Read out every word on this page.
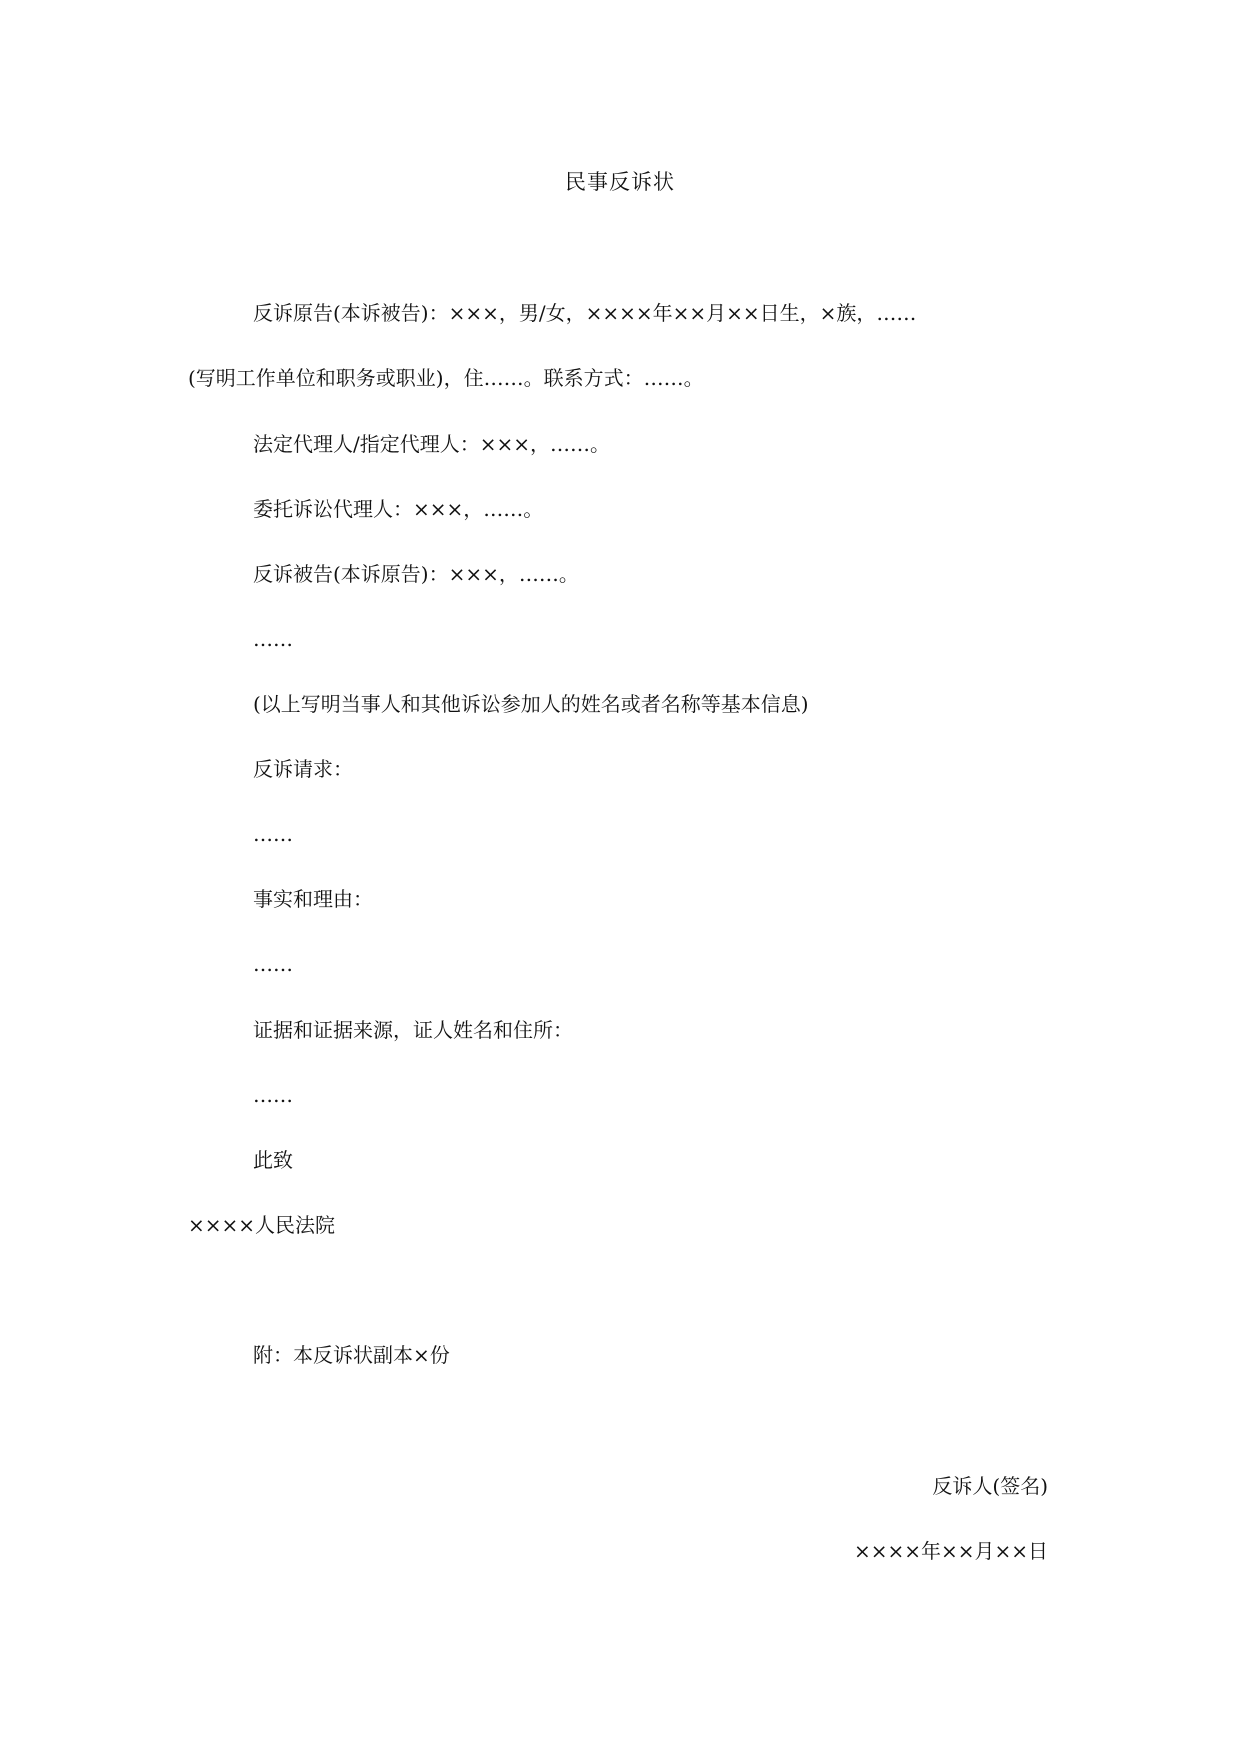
民事反诉状
反诉原告(本诉被告)：×××，男/女，××××年××月××日生，×族，……
(写明工作单位和职务或职业)，住……。联系方式：……。
法定代理人/指定代理人：×××，……。
委托诉讼代理人：×××，……。
反诉被告(本诉原告)：×××，……。
……
(以上写明当事人和其他诉讼参加人的姓名或者名称等基本信息)
反诉请求：
……
事实和理由：
……
证据和证据来源，证人姓名和住所：
……
此致
××××人民法院
附：本反诉状副本×份
反诉人(签名)
××××年××月××日
